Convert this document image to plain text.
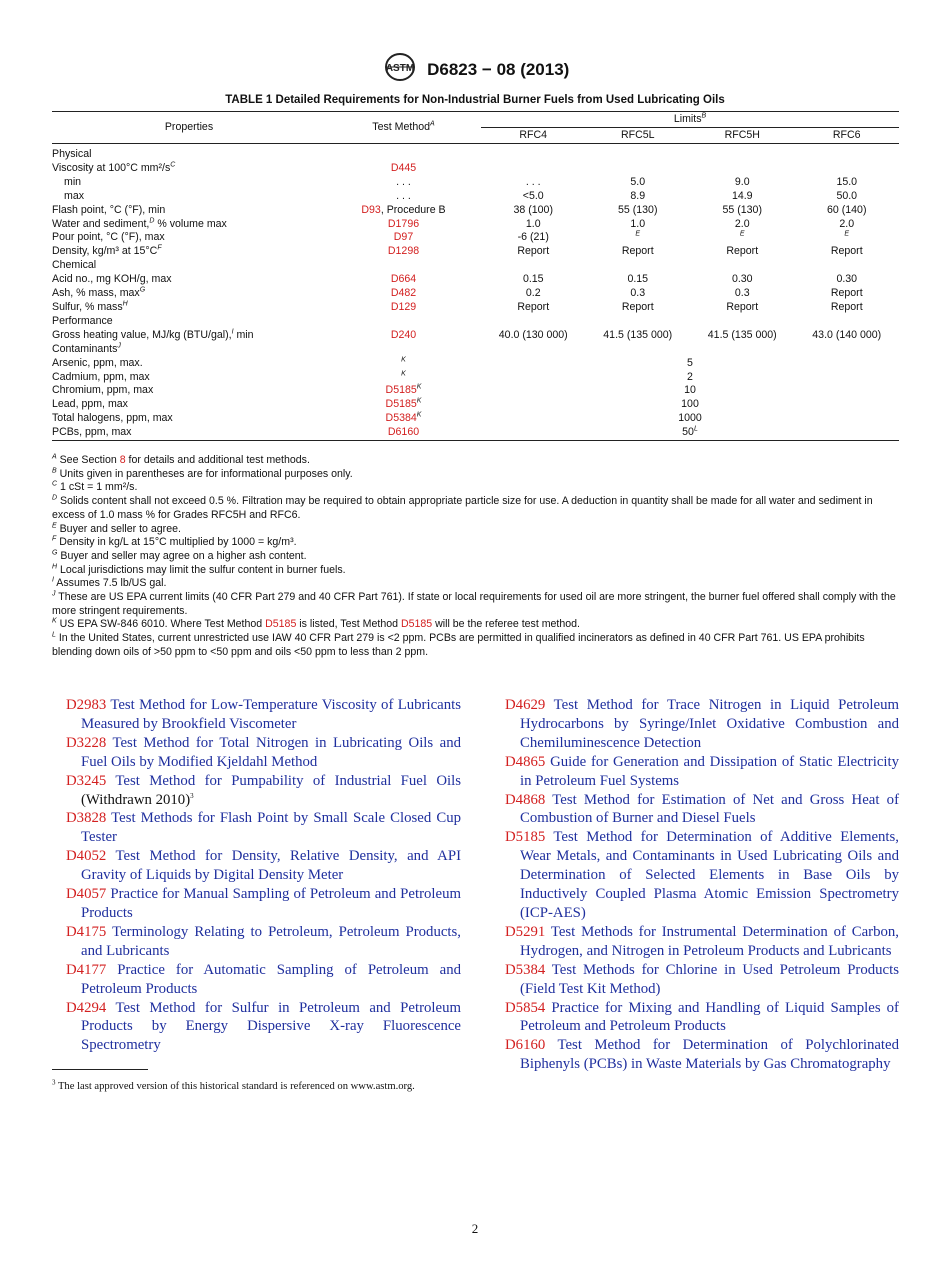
ASTM D6823 − 08 (2013)
TABLE 1 Detailed Requirements for Non-Industrial Burner Fuels from Used Lubricating Oils
Properties	Test Method$^A$	Limits$^B$
		RFC4	RFC5L	RFC5H	RFC6

Physical					
Viscosity at 100°C mm²/$s^C$	D445				
min	. . .	. . .	5.0	9.0	15.0
max	. . .	<5.0	8.9	14.9	50.0
Flash point, °C (°F), min	D93, Procedure B	38 (100)	55 (130)	55 (130)	60 (140)
Water and sediment,$^D$ % volume max	D1796	1.0	1.0	2.0	2.0
Pour point, °C (°F), max	D97	-6 (21)	$^E$	$^E$	$^E$
Density, kg/m³ at $15^\circ C^F$	D1298	Report	Report	Report	Report
Chemical					
Acid no., mg KOH/g, max	D664	0.15	0.15	0.30	0.30
Ash, % mass, $\max^G$	D482	0.2	0.3	0.3	Report
Sulfur, % mass$^H$	D129	Report	Report	Report	Report
Performance					
Gross heating value, MJ/kg (BTU/gal),$^I$ min	D240	40.0 (130 000)	41.5 (135 000)	41.5 (135 000)	43.0 (140 000)
Contaminants$^J$					
Arsenic, ppm, max.	$^K$	5			
Cadmium, ppm, max	$^K$	2			
Chromium, ppm, max	$D5185^K$	10			
Lead, ppm, max	$D5185^K$	100			
Total halogens, ppm, max	$D5384^K$	1000			
PCBs, ppm, max	D6160	$50^L$
$^A$ See Section 8 for details and additional test methods.
$^B$ Units given in parentheses are for informational purposes only.
$^C$ 1 cSt = 1 mm²/s.
$^D$ Solids content shall not exceed 0.5 %. Filtration may be required to obtain appropriate particle size for use. A deduction in quantity shall be made for all water and sediment in excess of 1.0 mass % for Grades RFC5H and RFC6.
$^E$ Buyer and seller to agree.
$^F$ Density in kg/L at 15°C multiplied by 1000 = kg/m³.
$^G$ Buyer and seller may agree on a higher ash content.
$^H$ Local jurisdictions may limit the sulfur content in burner fuels.
$^I$ Assumes 7.5 lb/US gal.
$^J$ These are US EPA current limits (40 CFR Part 279 and 40 CFR Part 761). If state or local requirements for used oil are more stringent, the burner fuel offered shall comply with the more stringent requirements.
$^K$ US EPA SW-846 6010. Where Test Method D5185 is listed, Test Method D5185 will be the referee test method.
$^L$ In the United States, current unrestricted use IAW 40 CFR Part 279 is <2 ppm. PCBs are permitted in qualified incinerators as defined in 40 CFR Part 761. US EPA prohibits blending down oils of >50 ppm to <50 ppm and oils <50 ppm to less than 2 ppm.

D2983 Test Method for Low-Temperature Viscosity of Lubricants Measured by Brookfield Viscometer

D3228 Test Method for Total Nitrogen in Lubricating Oils and Fuel Oils by Modified Kjeldahl Method

D3245 Test Method for Pumpability of Industrial Fuel Oils (Withdrawn 2010)$^3$

D3828 Test Methods for Flash Point by Small Scale Closed Cup Tester

D4052 Test Method for Density, Relative Density, and API Gravity of Liquids by Digital Density Meter

D4057 Practice for Manual Sampling of Petroleum and Petroleum Products

D4175 Terminology Relating to Petroleum, Petroleum Products, and Lubricants

D4177 Practice for Automatic Sampling of Petroleum and Petroleum Products

D4294 Test Method for Sulfur in Petroleum and Petroleum Products by Energy Dispersive X-ray Fluorescence Spectrometry

D4629 Test Method for Trace Nitrogen in Liquid Petroleum Hydrocarbons by Syringe/Inlet Oxidative Combustion and Chemiluminescence Detection

D4865 Guide for Generation and Dissipation of Static Electricity in Petroleum Fuel Systems

D4868 Test Method for Estimation of Net and Gross Heat of Combustion of Burner and Diesel Fuels

D5185 Test Method for Determination of Additive Elements, Wear Metals, and Contaminants in Used Lubricating Oils and Determination of Selected Elements in Base Oils by Inductively Coupled Plasma Atomic Emission Spectrometry (ICP-AES)

D5291 Test Methods for Instrumental Determination of Carbon, Hydrogen, and Nitrogen in Petroleum Products and Lubricants

D5384 Test Methods for Chlorine in Used Petroleum Products (Field Test Kit Method)

D5854 Practice for Mixing and Handling of Liquid Samples of Petroleum and Petroleum Products

D6160 Test Method for Determination of Polychlorinated Biphenyls (PCBs) in Waste Materials by Gas Chromatography

$^3$ The last approved version of this historical standard is referenced on www.astm.org.
2
